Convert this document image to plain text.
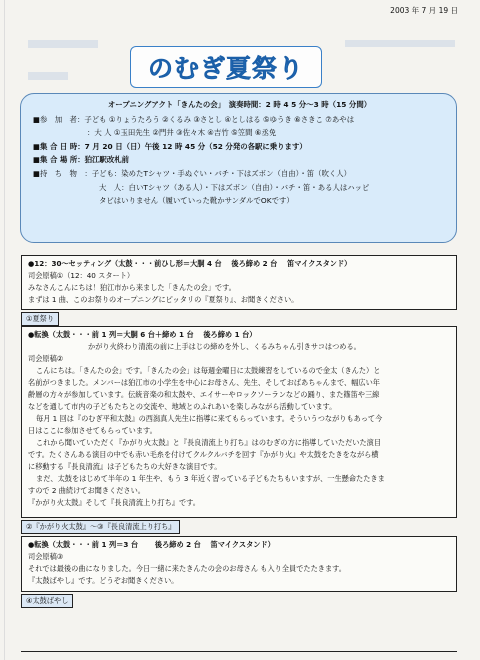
2003 年 7 月 19 日
のむぎ夏祭り
オープニングアクト「きんたの会」　演奏時間：2 時 4 5 分～3 時（15 分間）
■参　加　者：子ども ①りょうたろう ②くるみ ③さとし ④としはる ⑤ゆうき ⑥さきこ ⑦あやは
：大 人 ①玉田先生 ②門井 ③佐々木 ④吉竹 ⑤笠間 ⑥丞免
■集 合 日 時：7 月 20 日（日）午後 12 時 45 分（52 分発の各駅に乗ります）
■集 合 場 所：狛江駅改札前
■持　ち　物　：子ども：染めたTシャツ・手ぬぐい・バチ・下はズボン（自由）・笛（吹く人）
大　人：白いTシャツ（ある人）・下はズボン（自由）・バチ・笛・ある人はハッピ
タビはいりません（履いていった靴かサンダルでOKです）

●12：30～セッティング（太鼓・・・前ひし形＝大胴 4 台　 後ろ締め 2 台　 笛マイクスタンド）

司会原稿①（12：40 スタート）

みなさんこんにちは！狛江市から来ました「きんたの会」です。

まずは 1 曲、このお祭りのオープニングにピッタリの『夏祭り』、お聞きください。

①夏祭り

●転換（太鼓・・・前 1 列＝大胴 6 台＋締め 1 台　 後ろ締め 1 台）

かがり火終わり清流の前に上手はじの締めを外し、くるみちゃん引きサコはつめる。

司会原稿②

こんにちは。「きんたの会」です。「きんたの会」は毎週金曜日に太鼓練習をしているので金太（きんた）と

名前がつきました。メンバーは狛江市の小学生を中心にお母さん、先生、そしておばあちゃんまで、幅広い年

齢層の方々が参加しています。伝統音楽の和太鼓や、エイサーやロックソーランなどの踊り、また篠笛や三線

などを通して市内の子どもたちとの交流や、地域とのふれあいを楽しみながら活動しています。

毎月 1 回は『のむぎ平和太鼓』の西潟真人先生に指導に来てもらっています。そういうつながりもあって今

日はここに参加させてもらっています。

これから聞いていただく『かがり火太鼓』と『長良清流上り打ち』はのむぎの方に指導していただいた演目

です。たくさんある演目の中でも赤い毛糸を付けてクルクルバチを回す『かがり火』や太鼓をたきをながら横

に移動する『長良清流』は子どもたちの大好きな演目です。

まだ、太鼓をはじめて半年の 1 年生や、もう 3 年近く習っている子どもたちもいますが、一生懸命たたきま

すので 2 曲続けてお聞きください。

『かがり火太鼓』そして『長良清流上り打ち』です。

②『かがり火太鼓』～③『長良清流上り打ち』

●転換（太鼓・・・前 1 列＝3 台　　 後ろ締め 2 台　 笛マイクスタンド）

司会原稿③

それでは最後の曲になりました。今日一緒に来たきんたの会のお母さん も入り全員でたたきます。

『太鼓ばやし』です。どうぞお聞きください。

④太鼓ばやし
